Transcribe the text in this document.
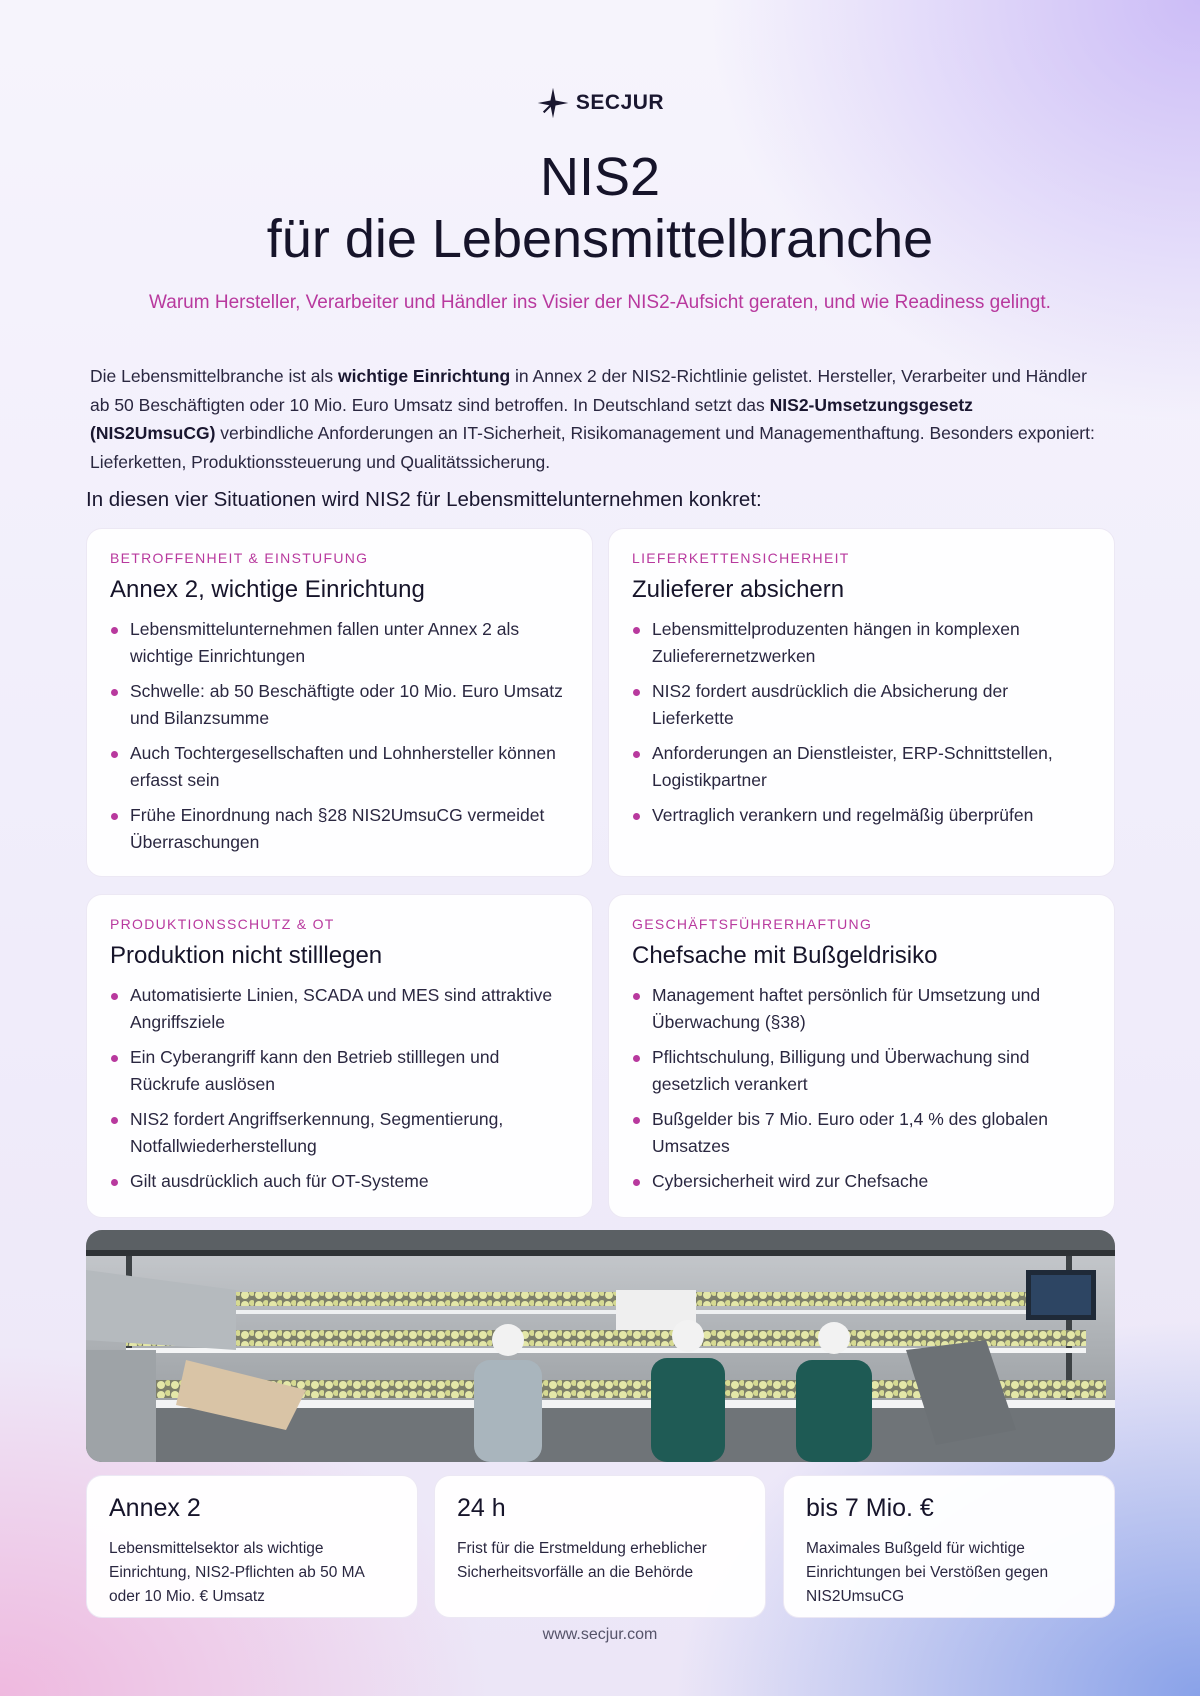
SECJUR
NIS2
für die Lebensmittelbranche
Warum Hersteller, Verarbeiter und Händler ins Visier der NIS2-Aufsicht geraten, und wie Readiness gelingt.
Die Lebensmittelbranche ist als wichtige Einrichtung in Annex 2 der NIS2-Richtlinie gelistet. Hersteller, Verarbeiter und Händler ab 50 Beschäftigten oder 10 Mio. Euro Umsatz sind betroffen. In Deutschland setzt das NIS2-Umsetzungsgesetz (NIS2UmsuCG) verbindliche Anforderungen an IT-Sicherheit, Risikomanagement und Managementhaftung. Besonders exponiert: Lieferketten, Produktionssteuerung und Qualitätssicherung.
In diesen vier Situationen wird NIS2 für Lebensmittelunternehmen konkret:
BETROFFENHEIT & EINSTUFUNG
Annex 2, wichtige Einrichtung
Lebensmittelunternehmen fallen unter Annex 2 als wichtige Einrichtungen
Schwelle: ab 50 Beschäftigte oder 10 Mio. Euro Umsatz und Bilanzsumme
Auch Tochtergesellschaften und Lohnhersteller können erfasst sein
Frühe Einordnung nach §28 NIS2UmsuCG vermeidet Überraschungen
LIEFERKETTENSICHERHEIT
Zulieferer absichern
Lebensmittelproduzenten hängen in komplexen Zulieferernetzwerken
NIS2 fordert ausdrücklich die Absicherung der Lieferkette
Anforderungen an Dienstleister, ERP-Schnittstellen, Logistikpartner
Vertraglich verankern und regelmäßig überprüfen
PRODUKTIONSSCHUTZ & OT
Produktion nicht stilllegen
Automatisierte Linien, SCADA und MES sind attraktive Angriffsziele
Ein Cyberangriff kann den Betrieb stilllegen und Rückrufe auslösen
NIS2 fordert Angriffserkennung, Segmentierung, Notfallwiederherstellung
Gilt ausdrücklich auch für OT-Systeme
GESCHÄFTSFÜHRERHAFTUNG
Chefsache mit Bußgeldrisiko
Management haftet persönlich für Umsetzung und Überwachung (§38)
Pflichtschulung, Billigung und Überwachung sind gesetzlich verankert
Bußgelder bis 7 Mio. Euro oder 1,4 % des globalen Umsatzes
Cybersicherheit wird zur Chefsache
Annex 2
Lebensmittelsektor als wichtige Einrichtung, NIS2-Pflichten ab 50 MA oder 10 Mio. € Umsatz
24 h
Frist für die Erstmeldung erheblicher Sicherheitsvorfälle an die Behörde
bis 7 Mio. €
Maximales Bußgeld für wichtige Einrichtungen bei Verstößen gegen NIS2UmsuCG
www.secjur.com
